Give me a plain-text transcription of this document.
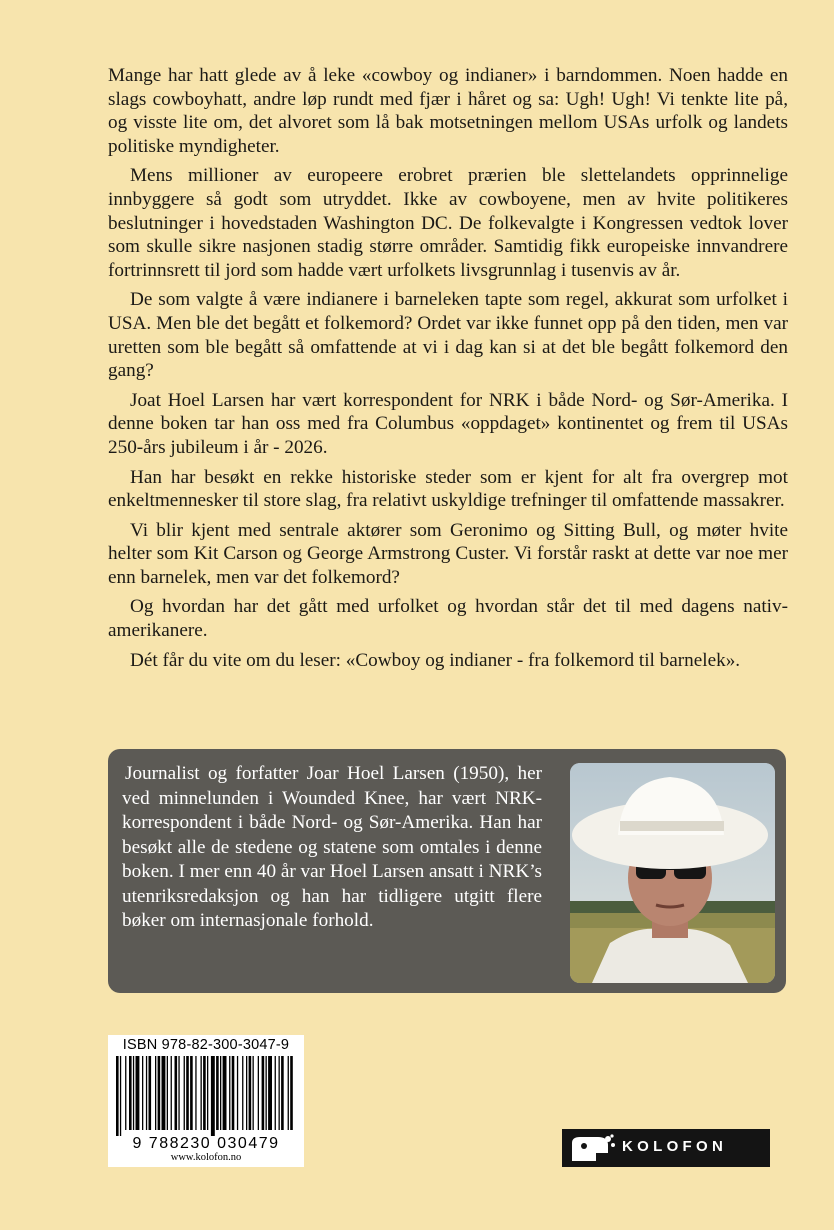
Mange har hatt glede av å leke «cowboy og indianer» i barndommen. Noen hadde en slags cowboyhatt, andre løp rundt med fjær i håret og sa: Ugh! Ugh! Vi tenkte lite på, og visste lite om, det alvoret som lå bak motsetningen mellom USAs urfolk og landets politiske myndigheter.

Mens millioner av europeere erobret prærien ble slettelandets opprinnelige innbyggere så godt som utryddet. Ikke av cowboyene, men av hvite politikeres beslutninger i hovedstaden Washington DC. De folkevalgte i Kongressen vedtok lover som skulle sikre nasjonen stadig større områder. Samtidig fikk europeiske innvandrere fortrinnsrett til jord som hadde vært urfolkets livsgrunnlag i tusenvis av år.

De som valgte å være indianere i barneleken tapte som regel, akkurat som urfolket i USA. Men ble det begått et folkemord? Ordet var ikke funnet opp på den tiden, men var uretten som ble begått så omfattende at vi i dag kan si at det ble begått folkemord den gang?

Joat Hoel Larsen har vært korrespondent for NRK i både Nord- og Sør-Amerika. I denne boken tar han oss med fra Columbus «oppdaget» kontinentet og frem til USAs 250-års jubileum i år - 2026.

Han har besøkt en rekke historiske steder som er kjent for alt fra overgrep mot enkeltmennesker til store slag, fra relativt uskyldige trefninger til omfattende massakrer.

Vi blir kjent med sentrale aktører som Geronimo og Sitting Bull, og møter hvite helter som Kit Carson og George Armstrong Custer. Vi forstår raskt at dette var noe mer enn barnelek, men var det folkemord?

Og hvordan har det gått med urfolket og hvordan står det til med dagens nativ-amerikanere.

Dét får du vite om du leser: «Cowboy og indianer - fra folkemord til barnelek».

Journalist og forfatter Joar Hoel Larsen (1950), her ved minnelunden i Wounded Knee, har vært NRK-korrespondent i både Nord- og Sør-Amerika. Han har besøkt alle de stedene og statene som omtales i denne boken. I mer enn 40 år var Hoel Larsen ansatt i NRK’s utenriksredaksjon og han har tidligere utgitt flere bøker om internasjonale forhold.

ISBN 978-82-300-3047-9
9 788230 030479
www.kolofon.no
KOLOFON
